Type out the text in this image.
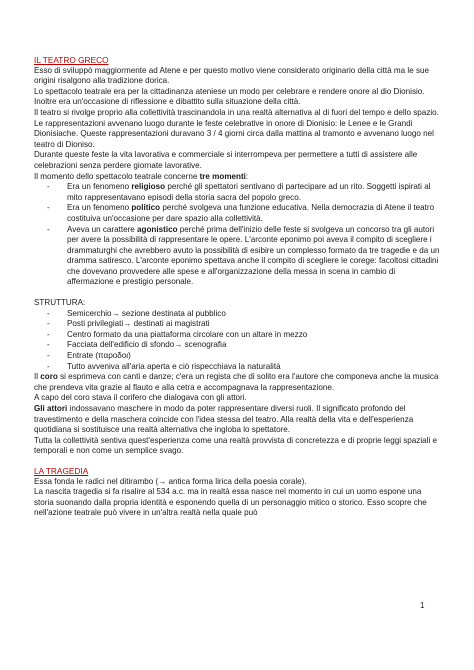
IL TEATRO GRECO

Esso di sviluppò maggiormente ad Atene e per questo motivo viene considerato originario della città ma le sue origini risalgono alla tradizione dorica.

Lo spettacolo teatrale era per la cittadinanza ateniese un modo per celebrare e rendere onore al dio Dionisio. Inoltre era un'occasione di riflessione e dibattito sulla situazione della città.

Il teatro si rivolge proprio alla collettività trascinandola in una realtà alternativa al di fuori del tempo e dello spazio.

Le rappresentazioni avvenano luogo durante le feste celebrative in onore di Dionisio: le Lenee e le Grandi Dionisiache. Queste rappresentazioni duravano 3 / 4 giorni circa dalla mattina al tramonto e avvenano luogo nel teatro di Dioniso.

Durante queste feste la vita lavorativa e commerciale si interrompeva per permettere a tutti di assistere alle celebrazioni senza perdere giornate lavorative.

Il momento dello spettacolo teatrale concerne tre momenti:

- Era un fenomeno religioso perché gli spettatori sentivano di partecipare ad un rito. Soggetti ispirati al mito rappresentavano episodi della storia sacra del popolo greco.
- Era un fenomeno politico perché svolgeva una funzione educativa. Nella democrazia di Atene il teatro costituiva un'occasione per dare spazio alla collettività.
- Aveva un carattere agonistico perché prima dell'inizio delle feste si svolgeva un concorso tra gli autori per avere la possibilità di rappresentare le opere. L'arconte eponimo poi aveva il compito di scegliere i drammaturghi che avrebbero avuto la possibilità di esibire un complesso formato da tre tragedie e da un dramma satiresco. L'arconte eponimo spettava anche il compito di scegliere le corege: facoltosi cittadini che dovevano provvedere alle spese e all'organizzazione della messa in scena in cambio di affermazione e prestigio personale.

STRUTTURA:

- Semicerchio→ sezione destinata al pubblico
- Posti privilegiati→ destinati ai magistrati
- Centro formato da una piattaforma circolare con un altare in mezzo
- Facciata dell'edificio di sfondo→ scenografia
- Entrate (παροδοι)
- Tutto avveniva all'aria aperta e ciò rispecchiava la naturalità

Il coro si esprimeva con canti e danze; c'era un regista che di solito era l'autore che componeva anche la musica che prendeva vita grazie al flauto e alla cetra e accompagnava la rappresentazione.

A capo del coro stava il corifero che dialogava con gli attori.

Gli attori indossavano maschere in modo da poter rappresentare diversi ruoli. Il significato profondo del travestimento e della maschera coincide con l'idea stessa del teatro. Alla realtà della vita e dell'esperienza quotidiana si sostituisce una realtà alternativa che ingloba lo spettatore.

Tutta la collettività sentiva quest'esperienza come una realtà provvista di concretezza e di proprie leggi spaziali e temporali e non come un semplice svago.

LA TRAGEDIA

Essa fonda le radici nel ditirambo (→ antica forma lirica della poesia corale).

La nascita tragedia si fa risalire al 534 a.c. ma in realtà essa nasce nel momento in cui un uomo espone una storia suonando dalla propria identità e esponendo quella di un personaggio mitico o storico. Esso scopre che nell'azione teatrale può vivere in un'altra realtà nella quale può

1
